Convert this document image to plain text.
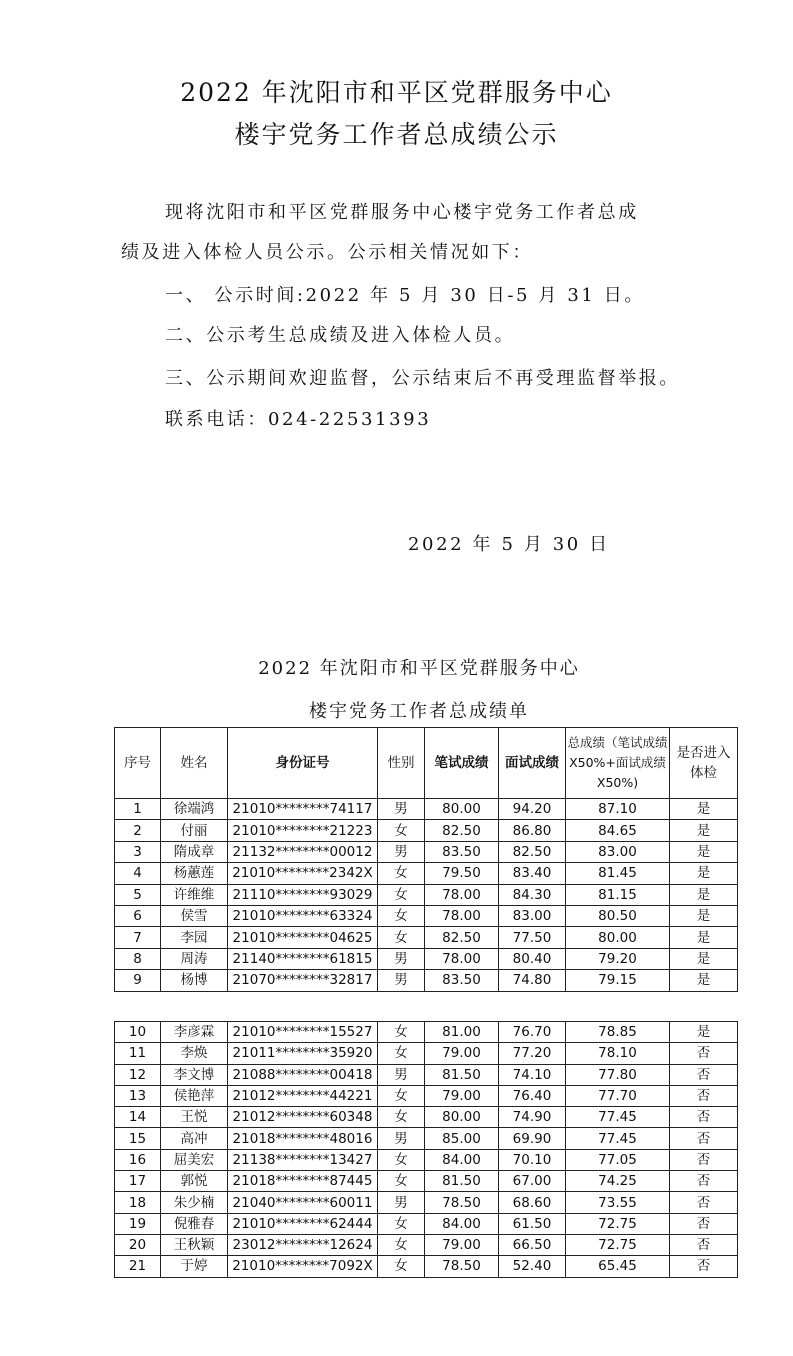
2022 年沈阳市和平区党群服务中心
楼宇党务工作者总成绩公示
现将沈阳市和平区党群服务中心楼宇党务工作者总成
绩及进入体检人员公示。公示相关情况如下：
一、 公示时间:2022 年 5 月 30 日-5 月 31 日。
二、公示考生总成绩及进入体检人员。
三、公示期间欢迎监督，公示结束后不再受理监督举报。
联系电话：024-22531393
2022 年 5 月 30 日
2022 年沈阳市和平区党群服务中心
楼宇党务工作者总成绩单
序号	姓名	身份证号	性别	笔试成绩	面试成绩	总成绩（笔试成绩 X50%+面试成绩 X50%)	是否进入体检
1	徐端鸿	21010********74117	男	80.00	94.20	87.10	是
2	付丽	21010********21223	女	82.50	86.80	84.65	是
3	隋成章	21132********00012	男	83.50	82.50	83.00	是
4	杨蕙莲	21010********2342X	女	79.50	83.40	81.45	是
5	许维维	21110********93029	女	78.00	84.30	81.15	是
6	侯雪	21010********63324	女	78.00	83.00	80.50	是
7	李园	21010********04625	女	82.50	77.50	80.00	是
8	周涛	21140********61815	男	78.00	80.40	79.20	是
9	杨博	21070********32817	男	83.50	74.80	79.15	是
10	李彦霖	21010********15527	女	81.00	76.70	78.85	是
11	李焕	21011********35920	女	79.00	77.20	78.10	否
12	李文博	21088********00418	男	81.50	74.10	77.80	否
13	侯艳萍	21012********44221	女	79.00	76.40	77.70	否
14	王悦	21012********60348	女	80.00	74.90	77.45	否
15	高冲	21018********48016	男	85.00	69.90	77.45	否
16	屈美宏	21138********13427	女	84.00	70.10	77.05	否
17	郭悦	21018********87445	女	81.50	67.00	74.25	否
18	朱少楠	21040********60011	男	78.50	68.60	73.55	否
19	倪雅春	21010********62444	女	84.00	61.50	72.75	否
20	王秋颖	23012********12624	女	79.00	66.50	72.75	否
21	于婷	21010********7092X	女	78.50	52.40	65.45	否
